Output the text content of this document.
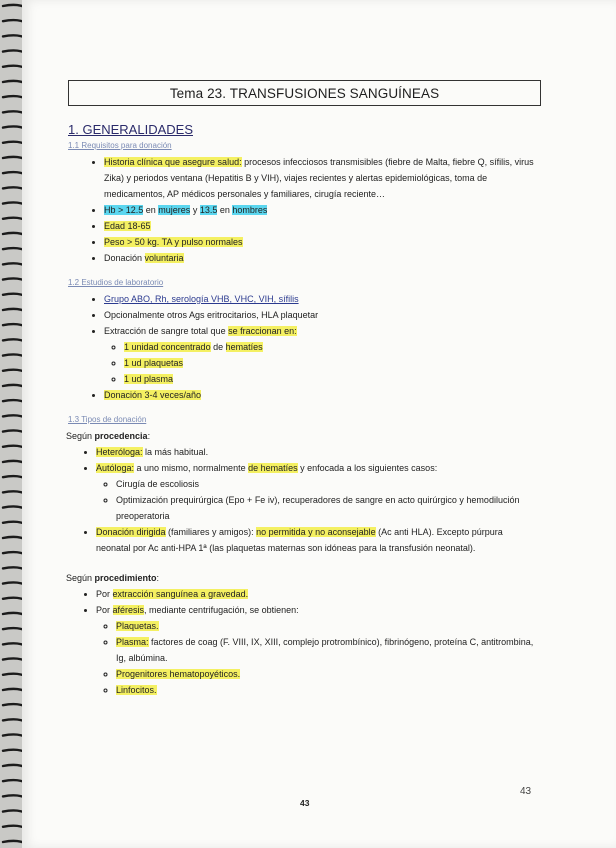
Tema 23. TRANSFUSIONES SANGUÍNEAS
1. GENERALIDADES
1.1 Requisitos para donación
• Historia clínica que asegure salud: procesos infecciosos transmisibles (fiebre de Malta, fiebre Q, sífilis, virus Zika) y periodos ventana (Hepatitis B y VIH), viajes recientes y alertas epidemiológicas, toma de medicamentos, AP médicos personales y familiares, cirugía reciente…
• Hb > 12.5 en mujeres y 13.5 en hombres
• Edad 18-65
• Peso > 50 kg. TA y pulso normales
• Donación voluntaria
1.2 Estudios de laboratorio
• Grupo ABO, Rh, serología VHB, VHC, VIH, sífilis
• Opcionalmente otros Ags eritrocitarios, HLA plaquetar
• Extracción de sangre total que se fraccionan en:
◦ 1 unidad concentrado de hematíes
◦ 1 ud plaquetas
◦ 1 ud plasma
• Donación 3-4 veces/año
1.3 Tipos de donación
Según procedencia:
• Heteróloga: la más habitual.
• Autóloga: a uno mismo, normalmente de hematíes y enfocada a los siguientes casos:
◦ Cirugía de escoliosis
◦ Optimización prequirúrgica (Epo + Fe iv), recuperadores de sangre en acto quirúrgico y hemodilución preoperatoria
• Donación dirigida (familiares y amigos): no permitida y no aconsejable (Ac anti HLA). Excepto púrpura neonatal por Ac anti-HPA 1ª (las plaquetas maternas son idóneas para la transfusión neonatal).
Según procedimiento:
• Por extracción sanguínea a gravedad.
• Por aféresis, mediante centrifugación, se obtienen:
◦ Plaquetas.
◦ Plasma: factores de coag (F. VIII, IX, XIII, complejo protrombínico), fibrinógeno, proteína C, antitrombina, Ig, albúmina.
◦ Progenitores hematopoyéticos.
◦ Linfocitos.
43
43
